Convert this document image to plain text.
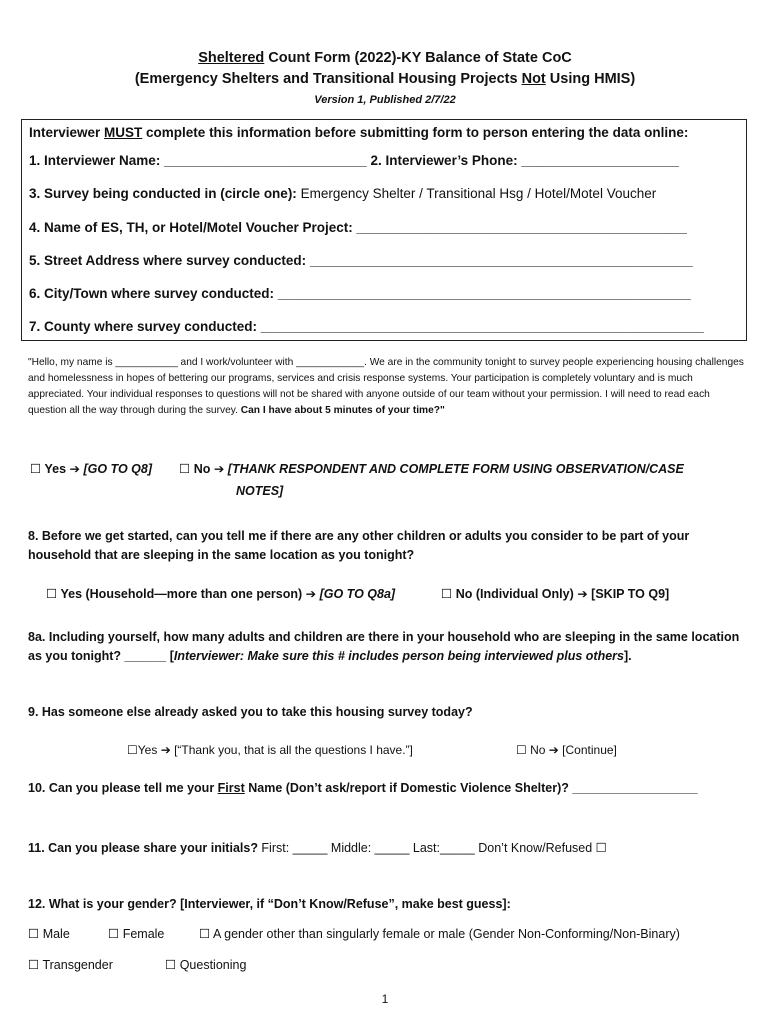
Sheltered Count Form (2022)-KY Balance of State CoC
(Emergency Shelters and Transitional Housing Projects Not Using HMIS)
Version 1, Published 2/7/22
Interviewer MUST complete this information before submitting form to person entering the data online:
1. Interviewer Name: ___________________________ 2. Interviewer’s Phone: _____________________
3. Survey being conducted in (circle one): Emergency Shelter / Transitional Hsg / Hotel/Motel Voucher
4. Name of ES, TH, or Hotel/Motel Voucher Project: ____________________________________________
5. Street Address where survey conducted: ___________________________________________________
6. City/Town where survey conducted: _______________________________________________________
7. County where survey conducted: ___________________________________________________________
"Hello, my name is ___________ and I work/volunteer with ____________. We are in the community tonight to survey people experiencing housing challenges and homelessness in hopes of bettering our programs, services and crisis response systems. Your participation is completely voluntary and is much appreciated. Your individual responses to questions will not be shared with anyone outside of our team without your permission. I will need to read each question all the way through during the survey. Can I have about 5 minutes of your time?"
☐ Yes ➔ [GO TO Q8] ☐ No ➔ [THANK RESPONDENT AND COMPLETE FORM USING OBSERVATION/CASE
NOTES]
8. Before we get started, can you tell me if there are any other children or adults you consider to be part of your household that are sleeping in the same location as you tonight?
☐ Yes (Household—more than one person) ➔ [GO TO Q8a]	☐ No (Individual Only) ➔ [SKIP TO Q9]
8a. Including yourself, how many adults and children are there in your household who are sleeping in the same location as you tonight? ______ [Interviewer: Make sure this # includes person being interviewed plus others].
9. Has someone else already asked you to take this housing survey today?
☐Yes ➔ [“Thank you, that is all the questions I have.”]	☐ No ➔ [Continue]
10. Can you please tell me your First Name (Don’t ask/report if Domestic Violence Shelter)? __________________
11. Can you please share your initials? First: _____ Middle: _____ Last:_____ Don’t Know/Refused ☐
12. What is your gender? [Interviewer, if “Don’t Know/Refuse”, make best guess]:
☐ Male	☐ Female	☐ A gender other than singularly female or male (Gender Non-Conforming/Non-Binary)
☐ Transgender	☐ Questioning
1
